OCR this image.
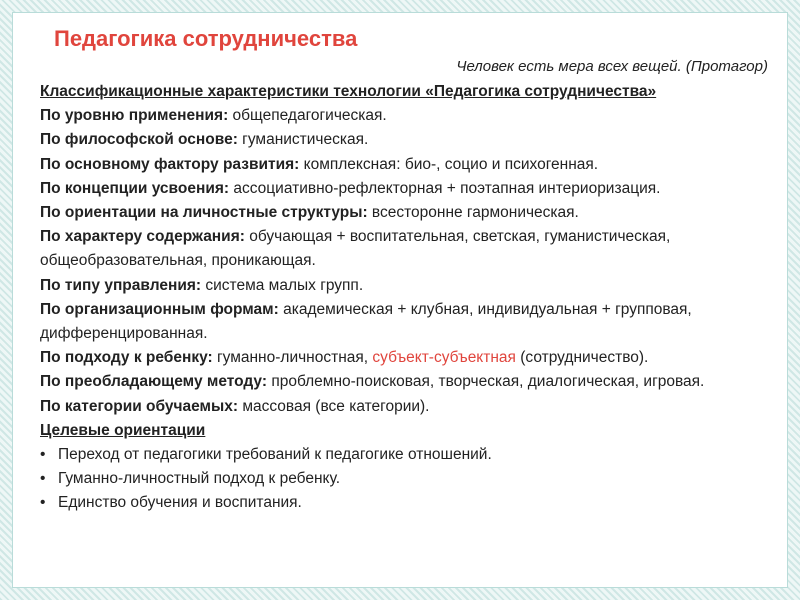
Педагогика сотрудничества
Человек есть мера всех вещей. (Протагор)

Классификационные характеристики технологии «Педагогика сотрудничества»

По уровню применения: общепедагогическая.

По философской основе: гуманистическая.

По основному фактору развития: комплексная: био-, социо и психогенная.

По концепции усвоения: ассоциативно-рефлекторная + поэтапная интериоризация.

По ориентации на личностные структуры: всесторонне гармоническая.

По характеру содержания: обучающая + воспитательная, светская, гуманистическая, общеобразовательная, проникающая.

По типу управления: система малых групп.

По организационным формам: академическая + клубная, индивидуальная + групповая, дифференцированная.

По подходу к ребенку: гуманно-личностная, субъект-субъектная (сотрудничество).

По преобладающему методу: проблемно-поисковая, творческая, диалогическая, игровая.

По категории обучаемых: массовая (все категории).

Целевые ориентации

• Переход от педагогики требований к педагогике отношений.
• Гуманно-личностный подход к ребенку.
• Единство обучения и воспитания.
